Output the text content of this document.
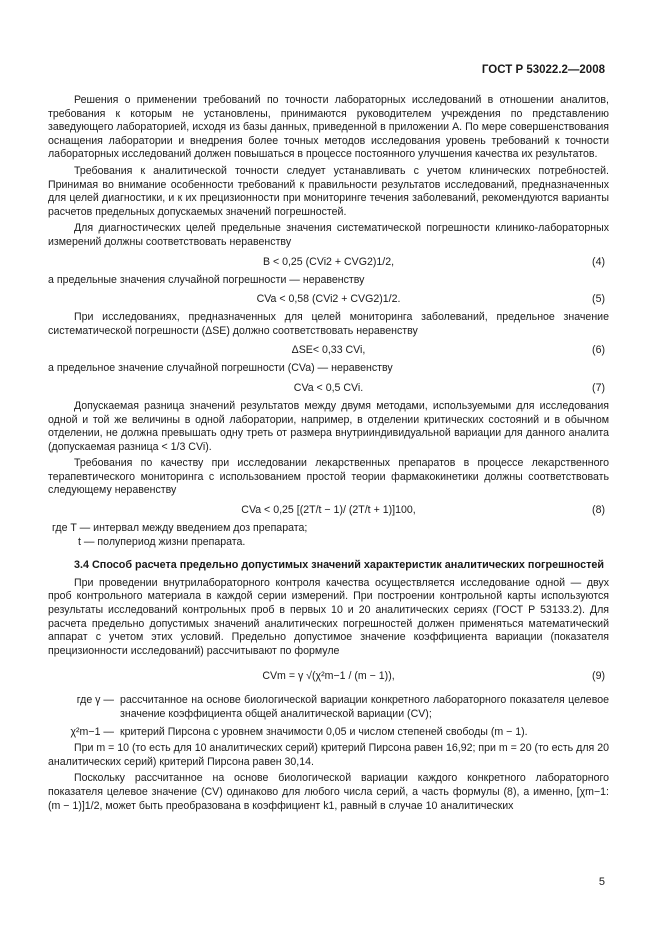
ГОСТ Р 53022.2—2008

Решения о применении требований по точности лабораторных исследований в отношении аналитов, требования к которым не установлены, принимаются руководителем учреждения по представлению заведующего лабораторией, исходя из базы данных, приведенной в приложении А. По мере совершенствования оснащения лаборатории и внедрения более точных методов исследования уровень требований к точности лабораторных исследований должен повышаться в процессе постоянного улучшения качества их результатов.

Требования к аналитической точности следует устанавливать с учетом клинических потребностей. Принимая во внимание особенности требований к правильности результатов исследований, предназначенных для целей диагностики, и к их прецизионности при мониторинге течения заболеваний, рекомендуются варианты расчетов предельных допускаемых значений погрешностей.

Для диагностических целей предельные значения систематической погрешности клинико-лабораторных измерений должны соответствовать неравенству

B < 0,25 (CVi2 + CVG2)1/2,	(4)

а предельные значения случайной погрешности — неравенству

CVa < 0,58 (CVi2 + CVG2)1/2.	(5)

При исследованиях, предназначенных для целей мониторинга заболеваний, предельное значение систематической погрешности (ΔSE) должно соответствовать неравенству

ΔSE< 0,33 CVi,	(6)

а предельное значение случайной погрешности (CVa) — неравенству

CVa < 0,5 CVi.	(7)

Допускаемая разница значений результатов между двумя методами, используемыми для исследования одной и той же величины в одной лаборатории, например, в отделении критических состояний и в обычном отделении, не должна превышать одну треть от размера внутрииндивидуальной вариации для данного аналита (допускаемая разница < 1/3 CVi).

Требования по качеству при исследовании лекарственных препаратов в процессе лекарственного терапевтического мониторинга с использованием простой теории фармакокинетики должны соответствовать следующему неравенству

CVa < 0,25 [(2T/t − 1)/ (2T/t + 1)]100,	(8)

где T — интервал между введением доз препарата;

t — полупериод жизни препарата.

3.4 Способ расчета предельно допустимых значений характеристик аналитических погрешностей

При проведении внутрилабораторного контроля качества осуществляется исследование одной — двух проб контрольного материала в каждой серии измерений. При построении контрольной карты используются результаты исследований контрольных проб в первых 10 и 20 аналитических сериях (ГОСТ Р 53133.2). Для расчета предельно допустимых значений аналитических погрешностей должен применяться математический аппарат с учетом этих условий. Предельно допустимое значение коэффициента вариации (показателя прецизионности исследований) рассчитывают по формуле

CVm = γ √(χ²m−1 / (m − 1)),	(9)
где γ — рассчитанное на основе биологической вариации конкретного лабораторного показателя целевое значение коэффициента общей аналитической вариации (CV);
χ²m−1 — критерий Пирсона с уровнем значимости 0,05 и числом степеней свободы (m − 1).

При m = 10 (то есть для 10 аналитических серий) критерий Пирсона равен 16,92; при m = 20 (то есть для 20 аналитических серий) критерий Пирсона равен 30,14.

Поскольку рассчитанное на основе биологической вариации каждого конкретного лабораторного показателя целевое значение (CV) одинаково для любого числа серий, а часть формулы (8), а именно, [χm−1: (m − 1)]1/2, может быть преобразована в коэффициент k1, равный в случае 10 аналитических

5
